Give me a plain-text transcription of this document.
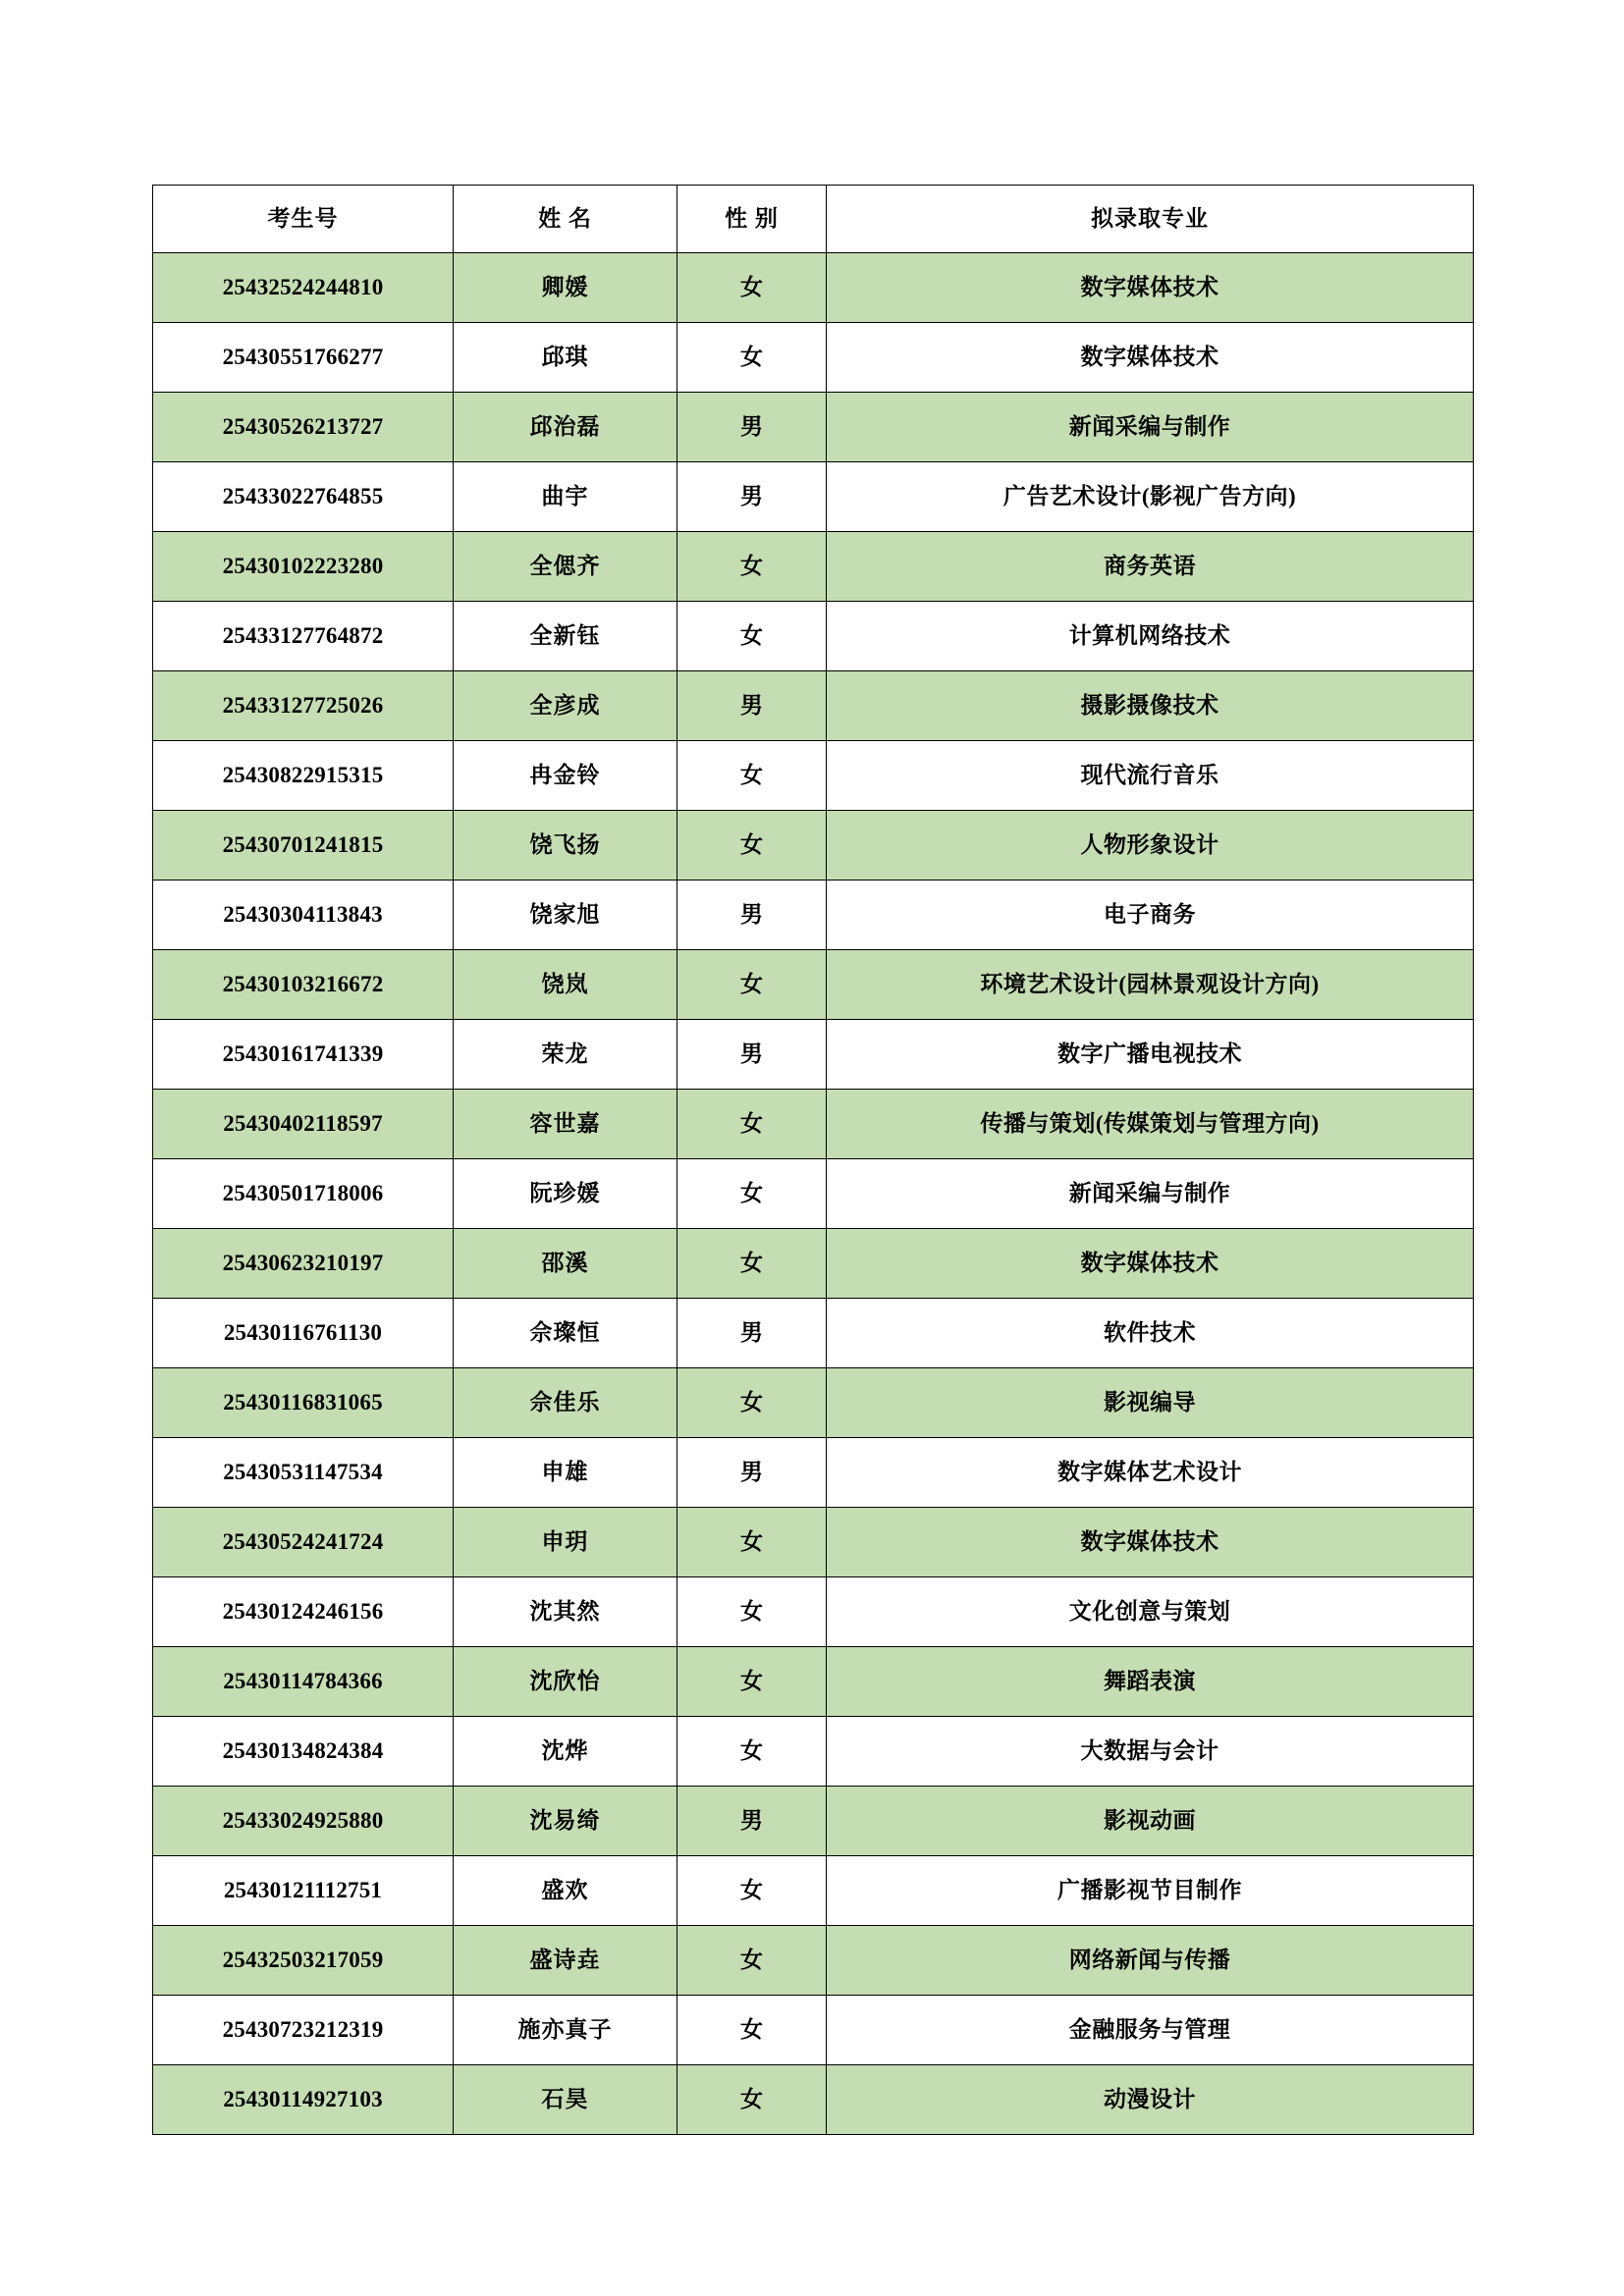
考生号	姓 名	性 别	拟录取专业
25432524244810	卿媛	女	数字媒体技术
25430551766277	邱琪	女	数字媒体技术
25430526213727	邱治磊	男	新闻采编与制作
25433022764855	曲宇	男	广告艺术设计(影视广告方向)
25430102223280	全偲齐	女	商务英语
25433127764872	全新钰	女	计算机网络技术
25433127725026	全彦成	男	摄影摄像技术
25430822915315	冉金铃	女	现代流行音乐
25430701241815	饶飞扬	女	人物形象设计
25430304113843	饶家旭	男	电子商务
25430103216672	饶岚	女	环境艺术设计(园林景观设计方向)
25430161741339	荣龙	男	数字广播电视技术
25430402118597	容世嘉	女	传播与策划(传媒策划与管理方向)
25430501718006	阮珍媛	女	新闻采编与制作
25430623210197	邵溪	女	数字媒体技术
25430116761130	佘璨恒	男	软件技术
25430116831065	佘佳乐	女	影视编导
25430531147534	申雄	男	数字媒体艺术设计
25430524241724	申玥	女	数字媒体技术
25430124246156	沈其然	女	文化创意与策划
25430114784366	沈欣怡	女	舞蹈表演
25430134824384	沈烨	女	大数据与会计
25433024925880	沈易绮	男	影视动画
25430121112751	盛欢	女	广播影视节目制作
25432503217059	盛诗垚	女	网络新闻与传播
25430723212319	施亦真子	女	金融服务与管理
25430114927103	石昊	女	动漫设计
